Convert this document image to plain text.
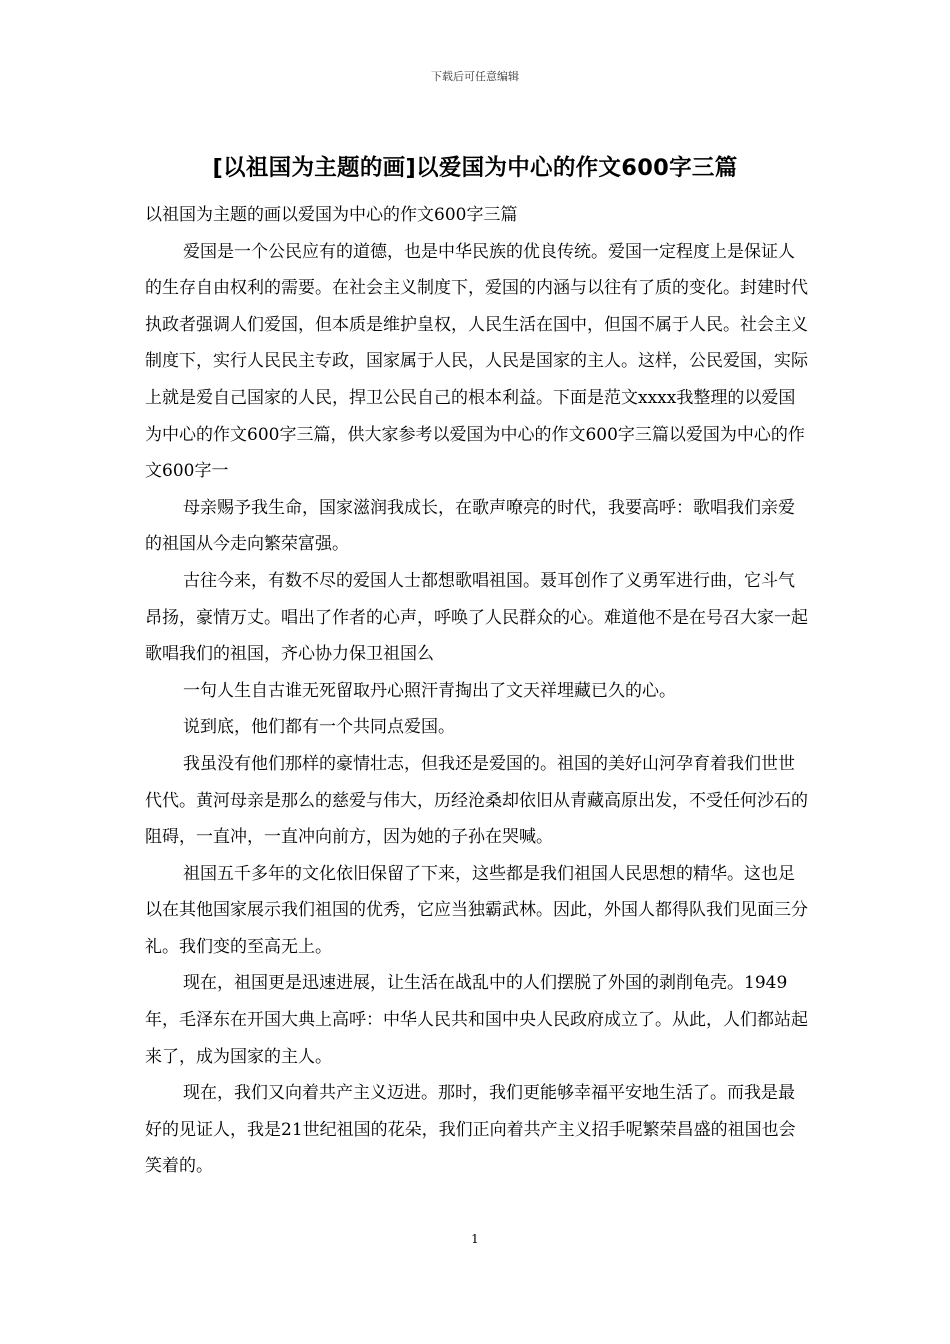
下载后可任意编辑
[以祖国为主题的画]以爱国为中心的作文600字三篇

以祖国为主题的画以爱国为中心的作文600字三篇

爱国是一个公民应有的道德，也是中华民族的优良传统。爱国一定程度上是保证人的生存自由权利的需要。在社会主义制度下，爱国的内涵与以往有了质的变化。封建时代执政者强调人们爱国，但本质是维护皇权，人民生活在国中，但国不属于人民。社会主义制度下，实行人民民主专政，国家属于人民，人民是国家的主人。这样，公民爱国，实际上就是爱自己国家的人民，捍卫公民自己的根本利益。下面是范文xxxx我整理的以爱国为中心的作文600字三篇，供大家参考以爱国为中心的作文600字三篇以爱国为中心的作文600字一

母亲赐予我生命，国家滋润我成长，在歌声嘹亮的时代，我要高呼：歌唱我们亲爱的祖国从今走向繁荣富强。

古往今来，有数不尽的爱国人士都想歌唱祖国。聂耳创作了义勇军进行曲，它斗气昂扬，豪情万丈。唱出了作者的心声，呼唤了人民群众的心。难道他不是在号召大家一起歌唱我们的祖国，齐心协力保卫祖国么

一句人生自古谁无死留取丹心照汗青掏出了文天祥埋藏已久的心。

说到底，他们都有一个共同点爱国。

我虽没有他们那样的豪情壮志，但我还是爱国的。祖国的美好山河孕育着我们世世代代。黄河母亲是那么的慈爱与伟大，历经沧桑却依旧从青藏高原出发，不受任何沙石的阻碍，一直冲，一直冲向前方，因为她的子孙在哭喊。

祖国五千多年的文化依旧保留了下来，这些都是我们祖国人民思想的精华。这也足以在其他国家展示我们祖国的优秀，它应当独霸武林。因此，外国人都得队我们见面三分礼。我们变的至高无上。

现在，祖国更是迅速进展，让生活在战乱中的人们摆脱了外国的剥削龟壳。1949年，毛泽东在开国大典上高呼：中华人民共和国中央人民政府成立了。从此，人们都站起来了，成为国家的主人。

现在，我们又向着共产主义迈进。那时，我们更能够幸福平安地生活了。而我是最好的见证人，我是21世纪祖国的花朵，我们正向着共产主义招手呢繁荣昌盛的祖国也会笑着的。

1
